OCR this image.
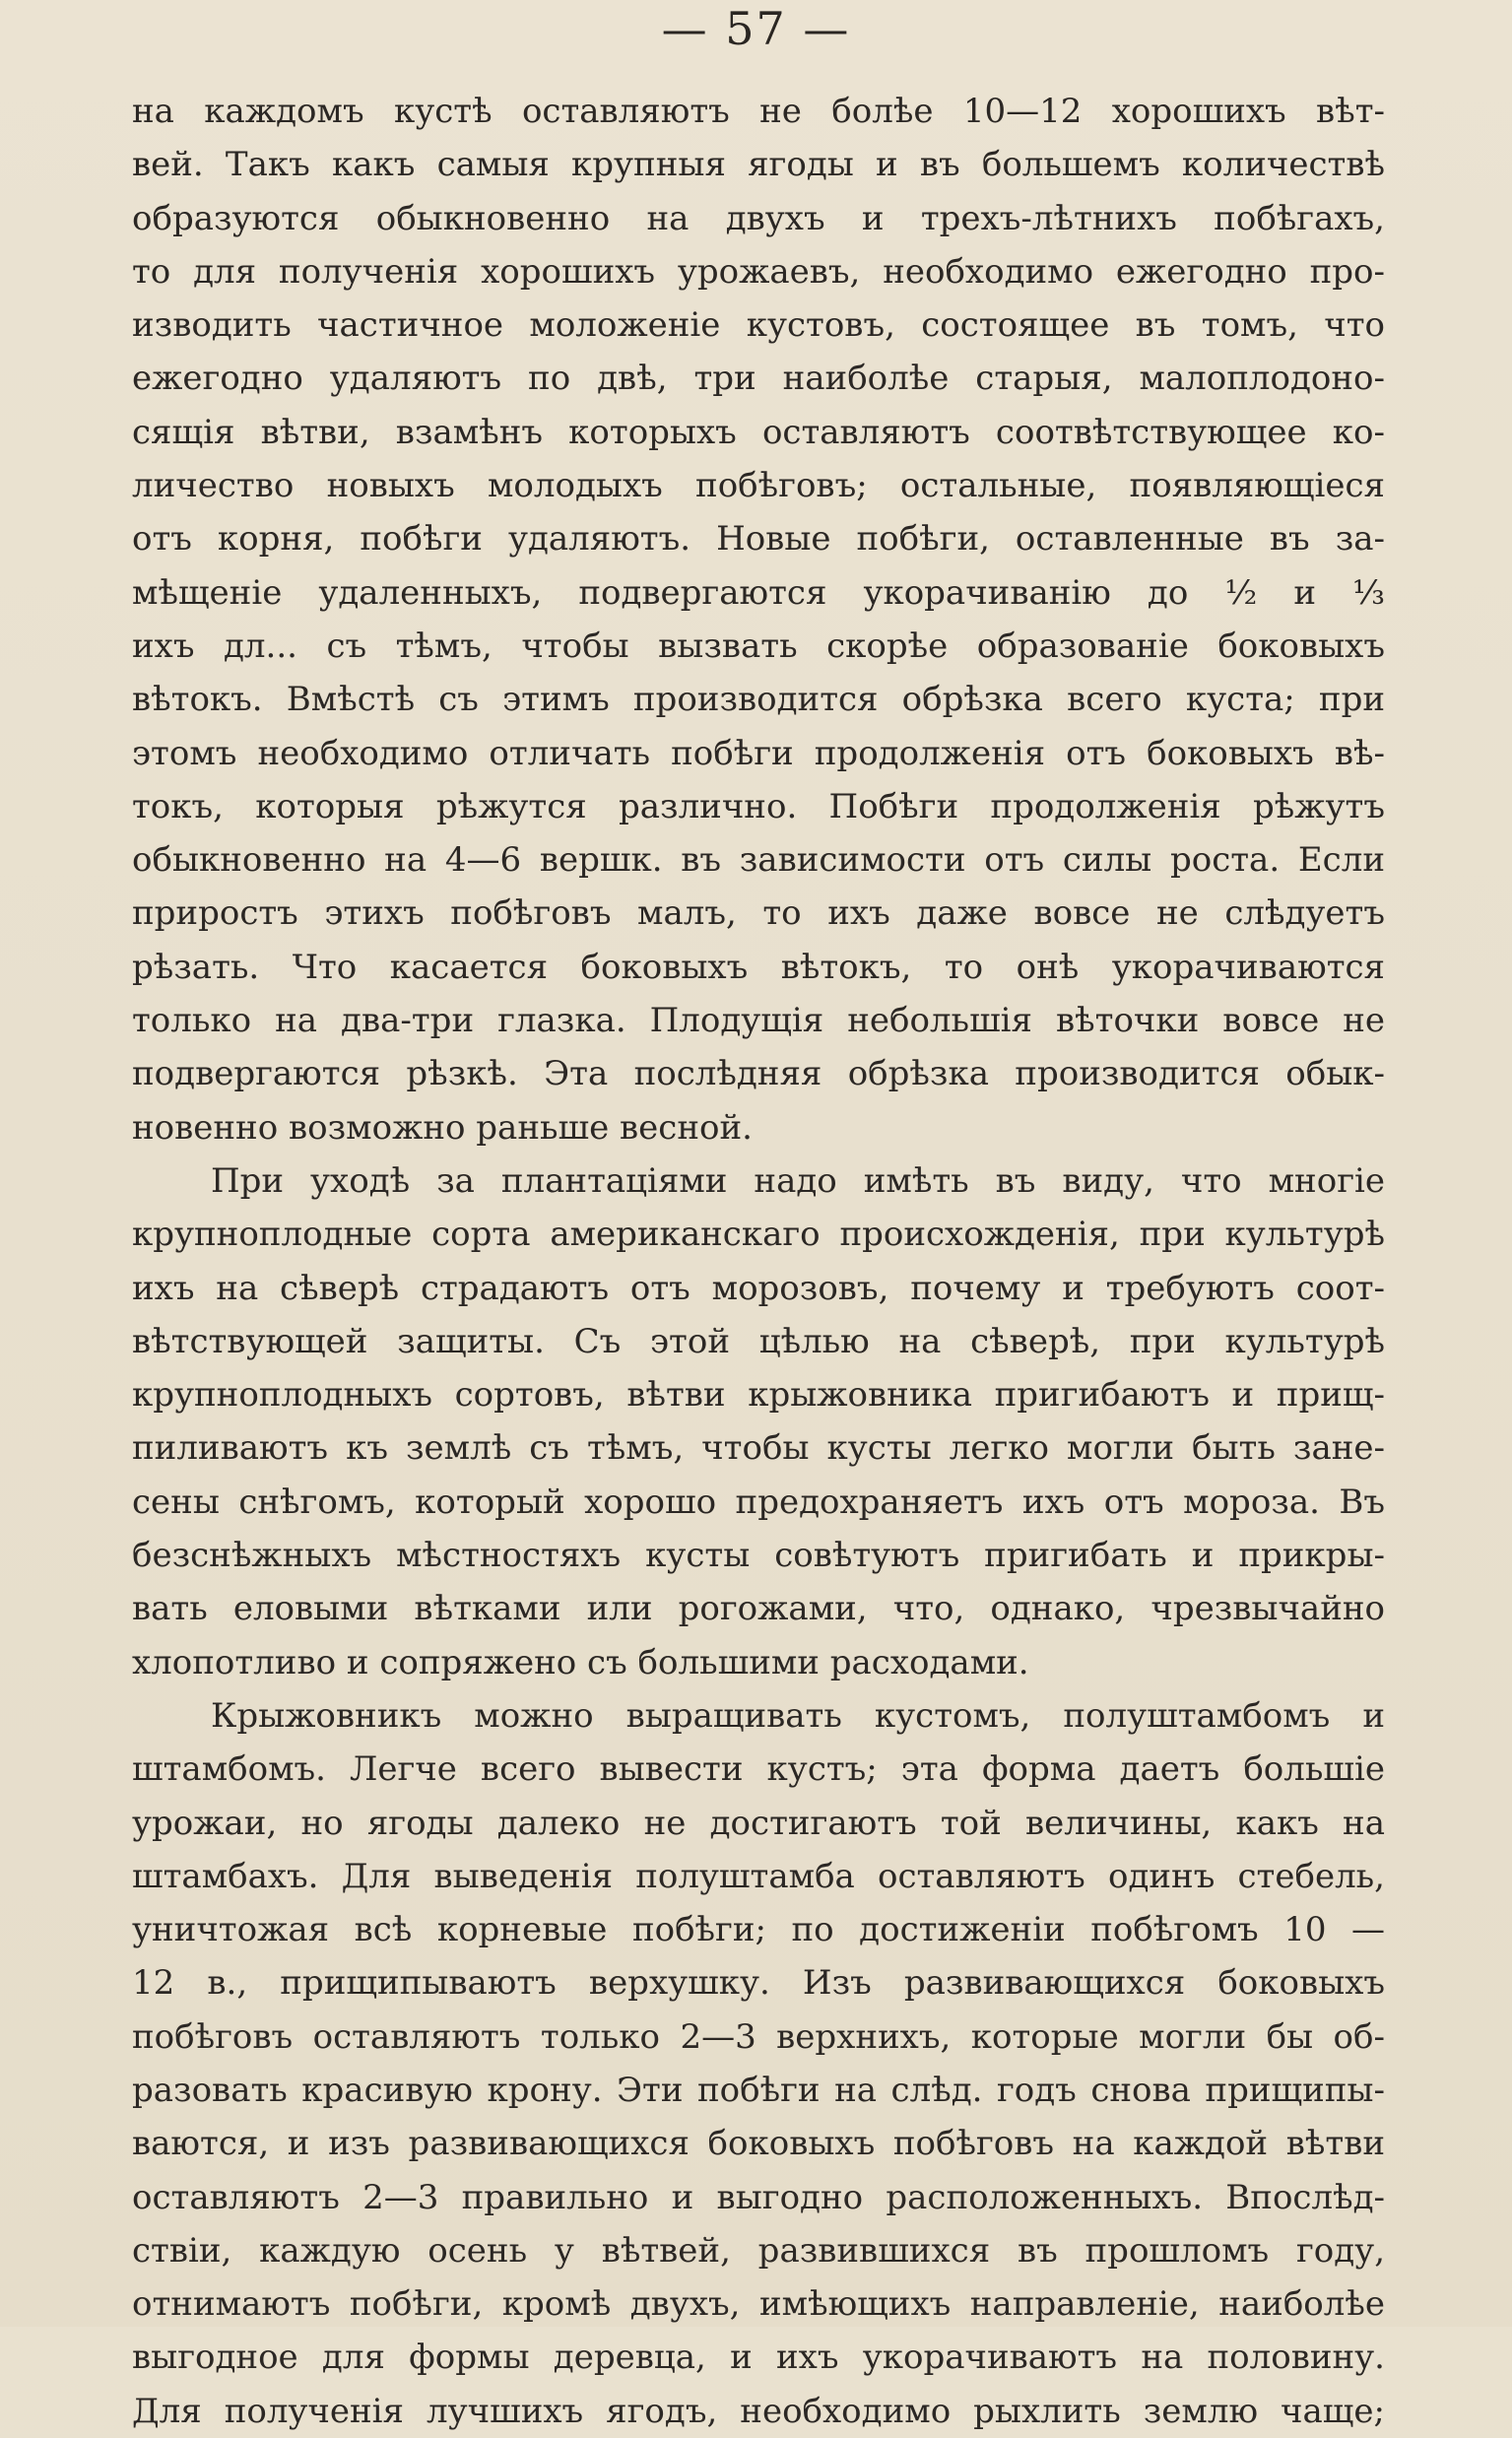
— 57 —
на каждомъ кустѣ оставляютъ не болѣе 10—12 хорошихъ вѣт-
вей. Такъ какъ самыя крупныя ягоды и въ большемъ количествѣ
образуются обыкновенно на двухъ и трехъ-лѣтнихъ побѣгахъ,
то для полученія хорошихъ урожаевъ, необходимо ежегодно про-
изводить частичное моложеніе кустовъ, состоящее въ томъ, что
ежегодно удаляютъ по двѣ, три наиболѣе старыя, малоплодоно-
сящія вѣтви, взамѣнъ которыхъ оставляютъ соотвѣтствующее ко-
личество новыхъ молодыхъ побѣговъ; остальные, появляющіеся
отъ корня, побѣги удаляютъ. Новые побѣги, оставленные въ за-
мѣщеніе удаленныхъ, подвергаются укорачиванію до ½ и ⅓
ихъ дл... съ тѣмъ, чтобы вызвать скорѣе образованіе боковыхъ
вѣтокъ. Вмѣстѣ съ этимъ производится обрѣзка всего куста; при
этомъ необходимо отличать побѣги продолженія отъ боковыхъ вѣ-
токъ, которыя рѣжутся различно. Побѣги продолженія рѣжутъ
обыкновенно на 4—6 вершк. въ зависимости отъ силы роста. Если
приростъ этихъ побѣговъ малъ, то ихъ даже вовсе не слѣдуетъ
рѣзать. Что касается боковыхъ вѣтокъ, то онѣ укорачиваются
только на два-три глазка. Плодущія небольшія вѣточки вовсе не
подвергаются рѣзкѣ. Эта послѣдняя обрѣзка производится обык-
новенно возможно раньше весной.
При уходѣ за плантаціями надо имѣть въ виду, что многіе
крупноплодные сорта американскаго происхожденія, при культурѣ
ихъ на сѣверѣ страдаютъ отъ морозовъ, почему и требуютъ соот-
вѣтствующей защиты. Съ этой цѣлью на сѣверѣ, при культурѣ
крупноплодныхъ сортовъ, вѣтви крыжовника пригибаютъ и прищ-
пиливаютъ къ землѣ съ тѣмъ, чтобы кусты легко могли быть зане-
сены снѣгомъ, который хорошо предохраняетъ ихъ отъ мороза. Въ
безснѣжныхъ мѣстностяхъ кусты совѣтуютъ пригибать и прикры-
вать еловыми вѣтками или рогожами, что, однако, чрезвычайно
хлопотливо и сопряжено съ большими расходами.
Крыжовникъ можно выращивать кустомъ, полуштамбомъ и
штамбомъ. Легче всего вывести кустъ; эта форма даетъ большіе
урожаи, но ягоды далеко не достигаютъ той величины, какъ на
штамбахъ. Для выведенія полуштамба оставляютъ одинъ стебель,
уничтожая всѣ корневые побѣги; по достиженіи побѣгомъ 10 —
12 в., прищипываютъ верхушку. Изъ развивающихся боковыхъ
побѣговъ оставляютъ только 2—3 верхнихъ, которые могли бы об-
разовать красивую крону. Эти побѣги на слѣд. годъ снова прищипы-
ваются, и изъ развивающихся боковыхъ побѣговъ на каждой вѣтви
оставляютъ 2—3 правильно и выгодно расположенныхъ. Впослѣд-
ствіи, каждую осень у вѣтвей, развившихся въ прошломъ году,
отнимаютъ побѣги, кромѣ двухъ, имѣющихъ направленіе, наиболѣе
выгодное для формы деревца, и ихъ укорачиваютъ на половину.
Для полученія лучшихъ ягодъ, необходимо рыхлить землю чаще;
